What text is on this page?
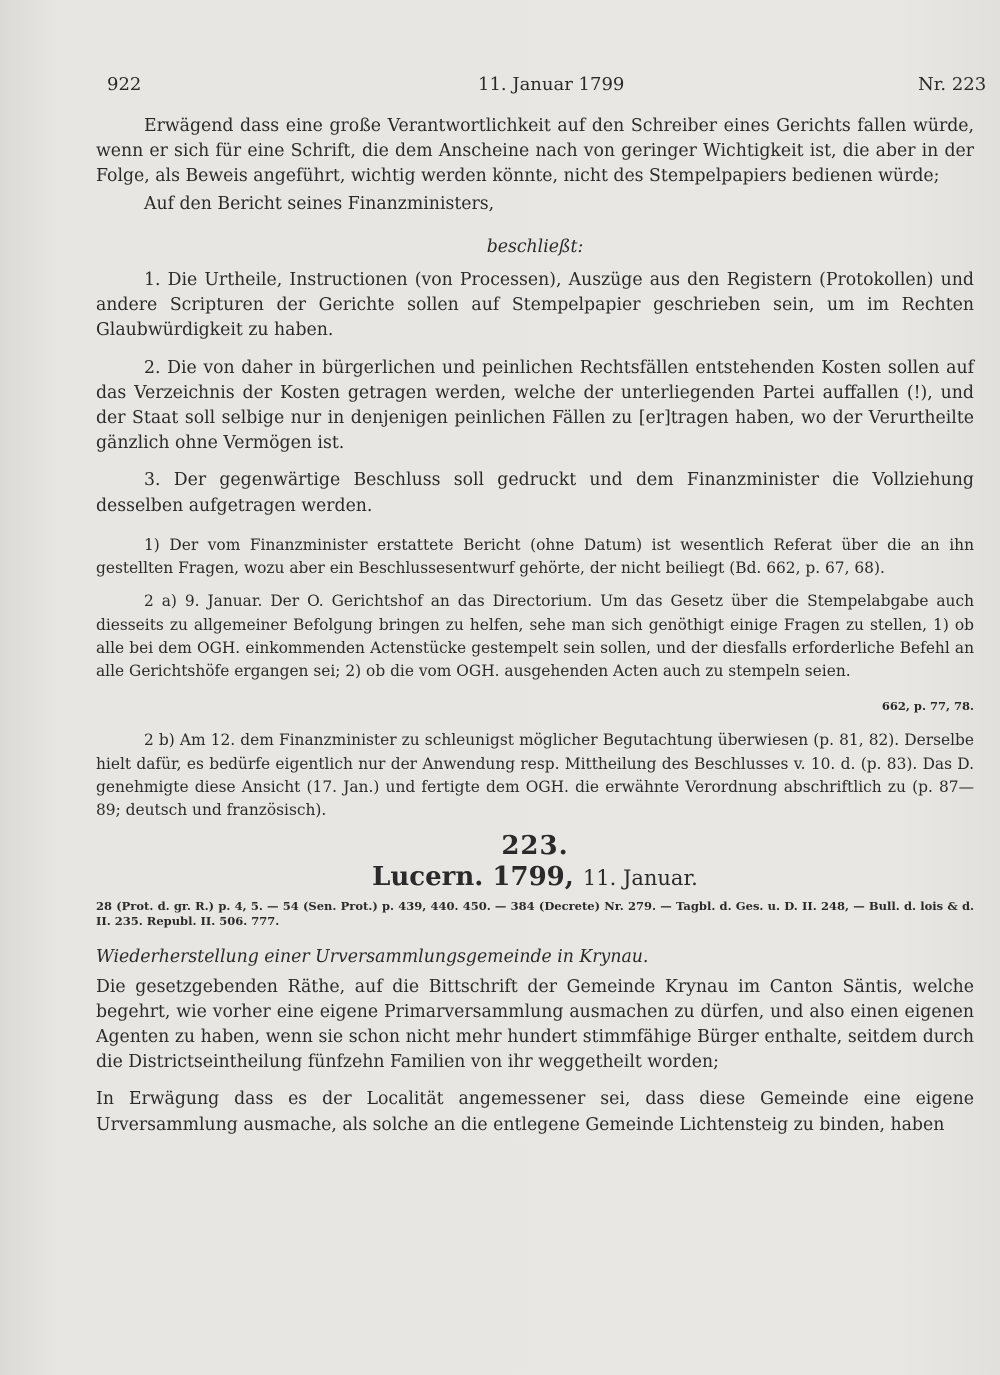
922	11. Januar 1799	Nr. 223

Erwägend dass eine große Verantwortlichkeit auf den Schreiber eines Gerichts fallen würde, wenn er sich für eine Schrift, die dem Anscheine nach von geringer Wichtigkeit ist, die aber in der Folge, als Beweis angeführt, wichtig werden könnte, nicht des Stempelpapiers bedienen würde;

Auf den Bericht seines Finanzministers,

beschließt:

1. Die Urtheile, Instructionen (von Processen), Auszüge aus den Registern (Protokollen) und andere Scripturen der Gerichte sollen auf Stempelpapier geschrieben sein, um im Rechten Glaubwürdigkeit zu haben.

2. Die von daher in bürgerlichen und peinlichen Rechtsfällen entstehenden Kosten sollen auf das Verzeichnis der Kosten getragen werden, welche der unterliegenden Partei auffallen (!), und der Staat soll selbige nur in denjenigen peinlichen Fällen zu [er]tragen haben, wo der Verurtheilte gänzlich ohne Vermögen ist.

3. Der gegenwärtige Beschluss soll gedruckt und dem Finanzminister die Vollziehung desselben aufgetragen werden.

1) Der vom Finanzminister erstattete Bericht (ohne Datum) ist wesentlich Referat über die an ihn gestellten Fragen, wozu aber ein Beschlussesentwurf gehörte, der nicht beiliegt (Bd. 662, p. 67, 68).

2 a) 9. Januar. Der O. Gerichtshof an das Directorium. Um das Gesetz über die Stempelabgabe auch diesseits zu allgemeiner Befolgung bringen zu helfen, sehe man sich genöthigt einige Fragen zu stellen, 1) ob alle bei dem OGH. einkommenden Actenstücke gestempelt sein sollen, und der diesfalls erforderliche Befehl an alle Gerichtshöfe ergangen sei; 2) ob die vom OGH. ausgehenden Acten auch zu stempeln seien.

662, p. 77, 78.

2 b) Am 12. dem Finanzminister zu schleunigst möglicher Begutachtung überwiesen (p. 81, 82). Derselbe hielt dafür, es bedürfe eigentlich nur der Anwendung resp. Mittheilung des Beschlusses v. 10. d. (p. 83). Das D. genehmigte diese Ansicht (17. Jan.) und fertigte dem OGH. die erwähnte Verordnung abschriftlich zu (p. 87—89; deutsch und französisch).

223.
Lucern. 1799, 11. Januar.

28 (Prot. d. gr. R.) p. 4, 5. — 54 (Sen. Prot.) p. 439, 440. 450. — 384 (Decrete) Nr. 279. — Tagbl. d. Ges. u. D. II. 248, — Bull. d. lois & d. II. 235. Republ. II. 506. 777.

Wiederherstellung einer Urversammlungsgemeinde in Krynau.

Die gesetzgebenden Räthe, auf die Bittschrift der Gemeinde Krynau im Canton Säntis, welche begehrt, wie vorher eine eigene Primarversammlung ausmachen zu dürfen, und also einen eigenen Agenten zu haben, wenn sie schon nicht mehr hundert stimmfähige Bürger enthalte, seitdem durch die Districtseintheilung fünfzehn Familien von ihr weggetheilt worden;

In Erwägung dass es der Localität angemessener sei, dass diese Gemeinde eine eigene Urversammlung ausmache, als solche an die entlegene Gemeinde Lichtensteig zu binden, haben
